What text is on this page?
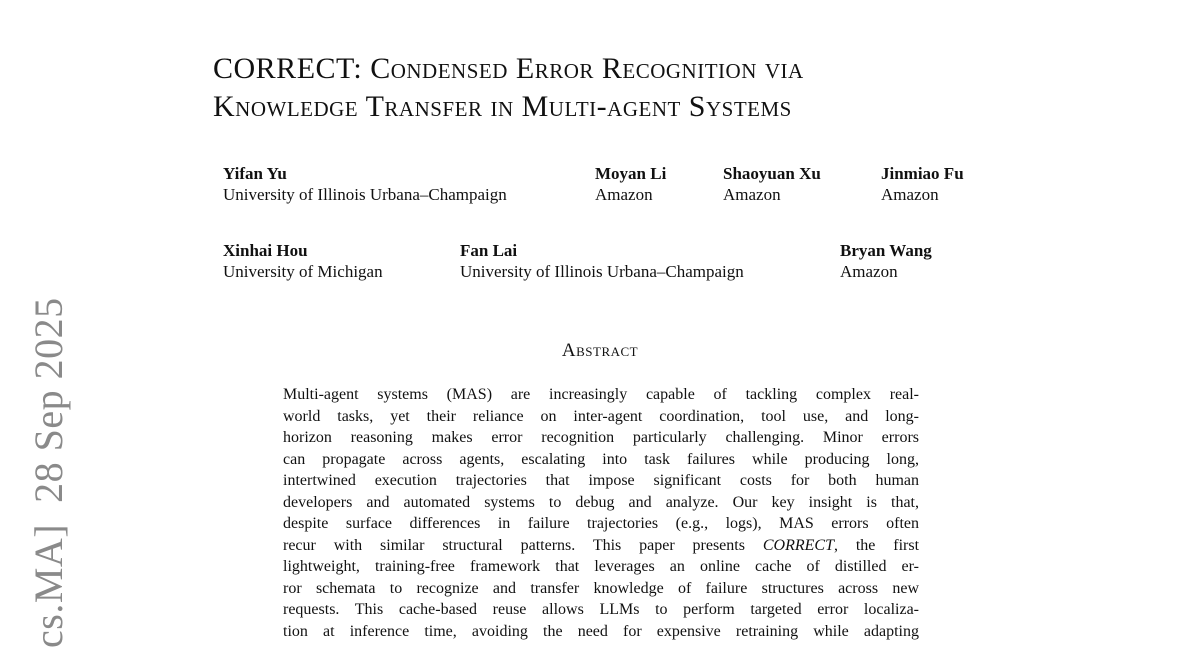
CORRECT: Condensed Error Recognition via
Knowledge Transfer in Multi-agent Systems
Yifan Yu
University of Illinois Urbana–Champaign
Moyan Li
Amazon
Shaoyuan Xu
Amazon
Jinmiao Fu
Amazon
Xinhai Hou
University of Michigan
Fan Lai
University of Illinois Urbana–Champaign
Bryan Wang
Amazon
Abstract
Multi-agent systems (MAS) are increasingly capable of tackling complex real-
world tasks, yet their reliance on inter-agent coordination, tool use, and long-
horizon reasoning makes error recognition particularly challenging. Minor errors
can propagate across agents, escalating into task failures while producing long,
intertwined execution trajectories that impose significant costs for both human
developers and automated systems to debug and analyze. Our key insight is that,
despite surface differences in failure trajectories (e.g., logs), MAS errors often
recur with similar structural patterns. This paper presents CORRECT, the first
lightweight, training-free framework that leverages an online cache of distilled er-
ror schemata to recognize and transfer knowledge of failure structures across new
requests. This cache-based reuse allows LLMs to perform targeted error localiza-
tion at inference time, avoiding the need for expensive retraining while adapting
cs.MA]  28 Sep 2025
